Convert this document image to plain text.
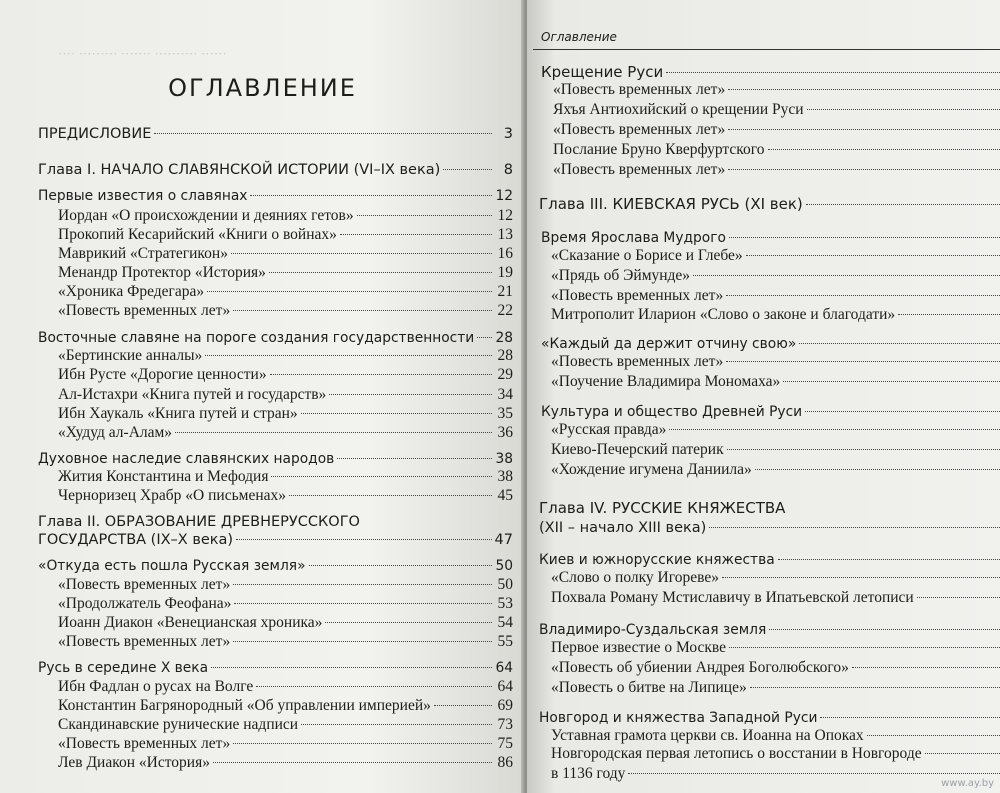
···· ········· ······· ·········· ······
ОГЛАВЛЕНИЕ
ПРЕДИСЛОВИЕ	3
Глава I. НАЧАЛО СЛАВЯНСКОЙ ИСТОРИИ (VI–IX века)	8
Первые известия о славянах	12
Иордан «О происхождении и деяниях гетов»	12
Прокопий Кесарийский «Книги о войнах»	13
Маврикий «Стратегикон»	16
Менандр Протектор «История»	19
«Хроника Фредегара»	21
«Повесть временных лет»	22
Восточные славяне на пороге создания государственности 28
«Бертинские анналы»	28
Ибн Русте «Дорогие ценности»	29
Ал-Истахри «Книга путей и государств»	34
Ибн Хаукаль «Книга путей и стран»	35
«Худуд ал-Алам»	36
Духовное наследие славянских народов	38
Жития Константина и Мефодия	38
Черноризец Храбр «О письменах»	45
Глава II. ОБРАЗОВАНИЕ ДРЕВНЕРУССКОГО
ГОСУДАРСТВА (IX–X века)	47
«Откуда есть пошла Русская земля»	50
«Повесть временных лет»	50
«Продолжатель Феофана»	53
Иоанн Диакон «Венецианская хроника»	54
«Повесть временных лет»	55
Русь в середине X века	64
Ибн Фадлан о русах на Волге	64
Константин Багрянородный «Об управлении империей»	69
Скандинавские рунические надписи	73
«Повесть временных лет»	75
Лев Диакон «История»	86
Оглавление
Крещение Руси
«Повесть временных лет»
Яхъя Антиохийский о крещении Руси
«Повесть временных лет»
Послание Бруно Кверфуртского
«Повесть временных лет»
Глава III. КИЕВСКАЯ РУСЬ (XI век)
Время Ярослава Мудрого
«Сказание о Борисе и Глебе»
«Прядь об Эймунде»
«Повесть временных лет»
Митрополит Иларион «Слово о законе и благодати»
«Каждый да держит отчину свою»
«Повесть временных лет»
«Поучение Владимира Мономаха»
Культура и общество Древней Руси
«Русская правда»
Киево-Печерский патерик
«Хождение игумена Даниила»
Глава IV. РУССКИЕ КНЯЖЕСТВА
(XII – начало XIII века)
Киев и южнорусские княжества
«Слово о полку Игореве»
Похвала Роману Мстиславичу в Ипатьевской летописи
Владимиро-Суздальская земля
Первое известие о Москве
«Повесть об убиении Андрея Боголюбского»
«Повесть о битве на Липице»
Новгород и княжества Западной Руси
Уставная грамота церкви св. Иоанна на Опоках
Новгородская первая летопись о восстании в Новгороде
в 1136 году
www.ay.by
